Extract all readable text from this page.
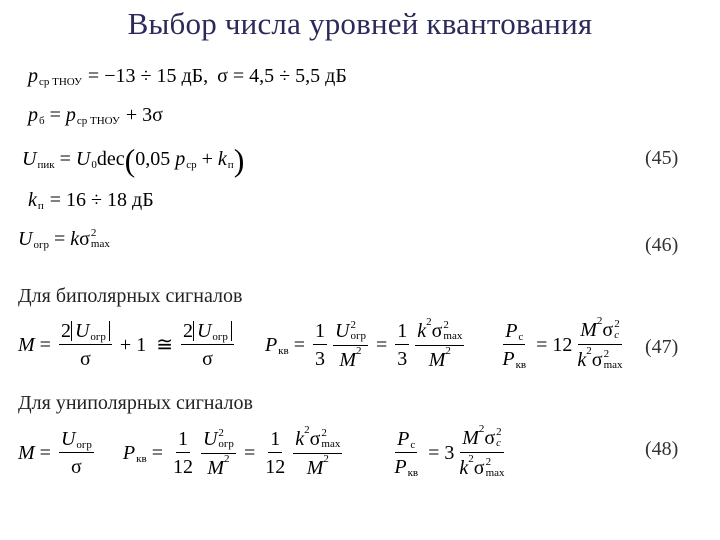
Выбор числа уровней квантования
p ср ТНОУ = −13 ÷ 15 дБ, σ = 4,5 ÷ 5,5 дБ
p б = p ср ТНОУ + 3σ
U пик = U 0 dec ( 0,05 p ср + k п )	(45)
k п = 16 ÷ 18 дБ
U огр = k σ 2
max	(46)
Для биполярных сигналов
$M = \frac{\text{2 U огр}}{\sigma} + 1$ ≅ $\frac{\text{2 U огр}}{\sigma}$ P кв = $\frac{1}{3}$ U 2
огр
M $2 = \frac{1}{3}$ k 2 σ 2
max
M $2 \frac{\text{P c}}{\text{P кв}} = 12$ M 2 σ 2
c
k 2 σ 2
max (47)
Для униполярных сигналов
$M = \frac{\text{U огр}}{\sigma}$ P кв = $\frac{1}{12}$ U 2
огр
M $2 = \frac{1}{12}$ k 2 σ 2
max
M 2	$\frac{\text{P c}}{\text{P кв}} = 3$ M 2 σ 2
c
k 2 σ 2
max	(48)
